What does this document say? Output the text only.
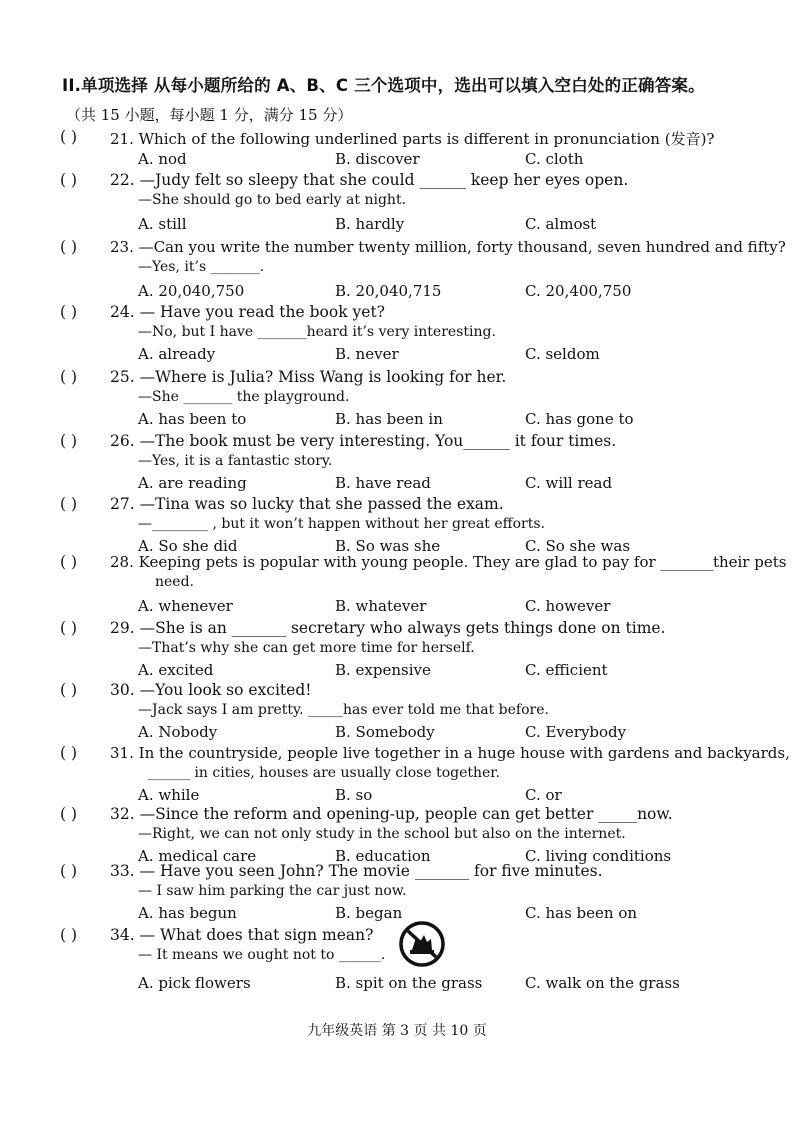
II.单项选择 从每小题所给的 A、B、C 三个选项中，选出可以填入空白处的正确答案。
（共 15 小题，每小题 1 分，满分 15 分）
( ) 21. Which of the following underlined parts is different in pronunciation (发音)?
A. nod	B. discover	C. cloth
( ) 22. —Judy felt so sleepy that she could ______ keep her eyes open.
—She should go to bed early at night.
A. still	B. hardly	C. almost
( ) 23. —Can you write the number twenty million, forty thousand, seven hundred and fifty?
—Yes, it’s _______.
A. 20,040,750	B. 20,040,715	C. 20,400,750
( ) 24. — Have you read the book yet?
—No, but I have _______heard it’s very interesting.
A. already	B. never	C. seldom
( ) 25. —Where is Julia? Miss Wang is looking for her.
—She _______ the playground.
A. has been to	B. has been in	C. has gone to
( ) 26. —The book must be very interesting. You______ it four times.
—Yes, it is a fantastic story.
A. are reading	B. have read	C. will read
( ) 27. —Tina was so lucky that she passed the exam.
—________ , but it won’t happen without her great efforts.
A. So she did	B. So was she	C. So she was
( ) 28. Keeping pets is popular with young people. They are glad to pay for _______their pets
need.
A. whenever	B. whatever	C. however
( ) 29. —She is an _______ secretary who always gets things done on time.
—That’s why she can get more time for herself.
A. excited	B. expensive	C. efficient
( ) 30. —You look so excited!
—Jack says I am pretty. _____has ever told me that before.
A. Nobody	B. Somebody	C. Everybody
( ) 31. In the countryside, people live together in a huge house with gardens and backyards,
______ in cities, houses are usually close together.
A. while	B. so	C. or
( ) 32. —Since the reform and opening-up, people can get better _____now.
—Right, we can not only study in the school but also on the internet.
A. medical care	B. education	C. living conditions
( ) 33. — Have you seen John? The movie _______ for five minutes.
— I saw him parking the car just now.
A. has begun	B. began	C. has been on
( ) 34. — What does that sign mean?
— It means we ought not to ______.
A. pick flowers	B. spit on the grass	C. walk on the grass
九年级英语 第 3 页 共 10 页
